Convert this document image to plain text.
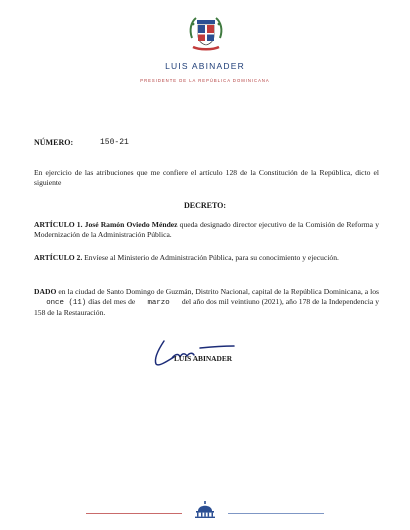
LUIS ABINADER
PRESIDENTE DE LA REPÚBLICA DOMINICANA
NÚMERO:	150-21
En ejercicio de las atribuciones que me confiere el artículo 128 de la Constitución de la República, dicto el siguiente
DECRETO:
ARTÍCULO 1. José Ramón Oviedo Méndez queda designado director ejecutivo de la Comisión de Reforma y Modernización de la Administración Pública.
ARTÍCULO 2. Envíese al Ministerio de Administración Pública, para su conocimiento y ejecución.
DADO en la ciudad de Santo Domingo de Guzmán, Distrito Nacional, capital de la República Dominicana, a los       once (11) días del mes de marzo del año dos mil veintiuno (2021), año 178 de la Independencia y 158 de la Restauración.
LUIS ABINADER
